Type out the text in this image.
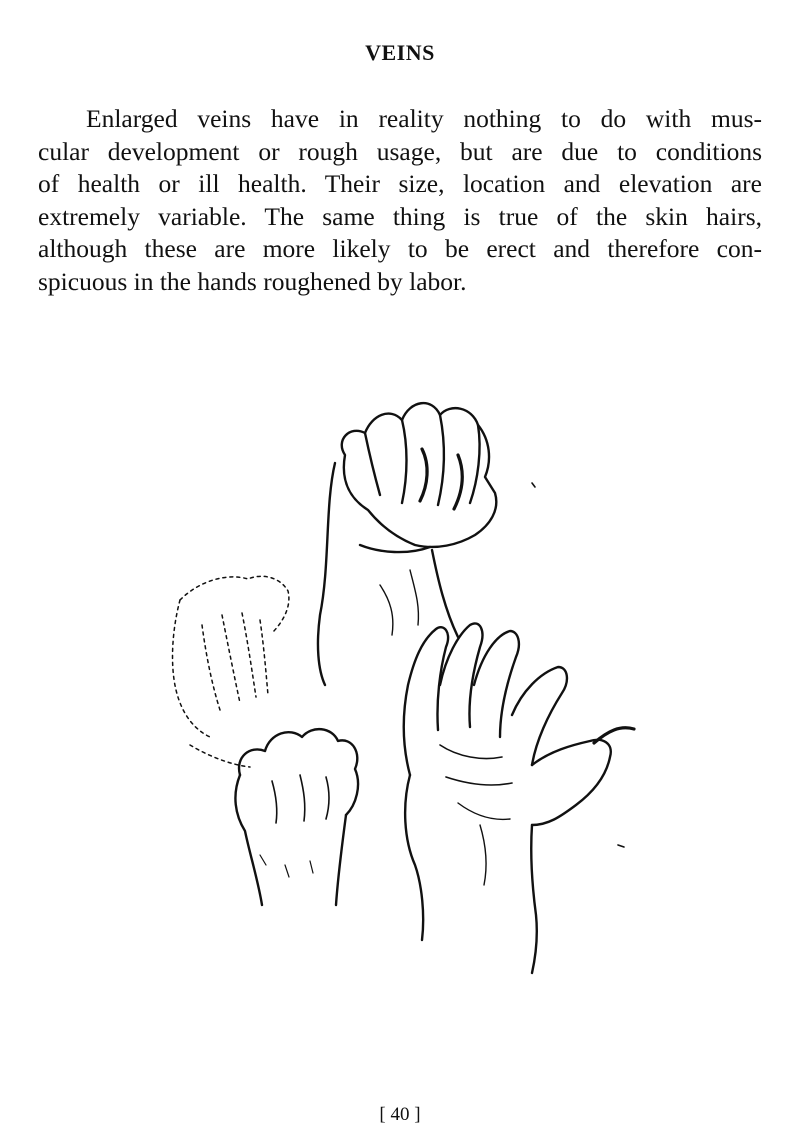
VEINS
Enlarged veins have in reality nothing to do with mus-
cular development or rough usage, but are due to conditions
of health or ill health. Their size, location and elevation are
extremely variable. The same thing is true of the skin hairs,
although these are more likely to be erect and therefore con-
spicuous in the hands roughened by labor.
[ 40 ]
